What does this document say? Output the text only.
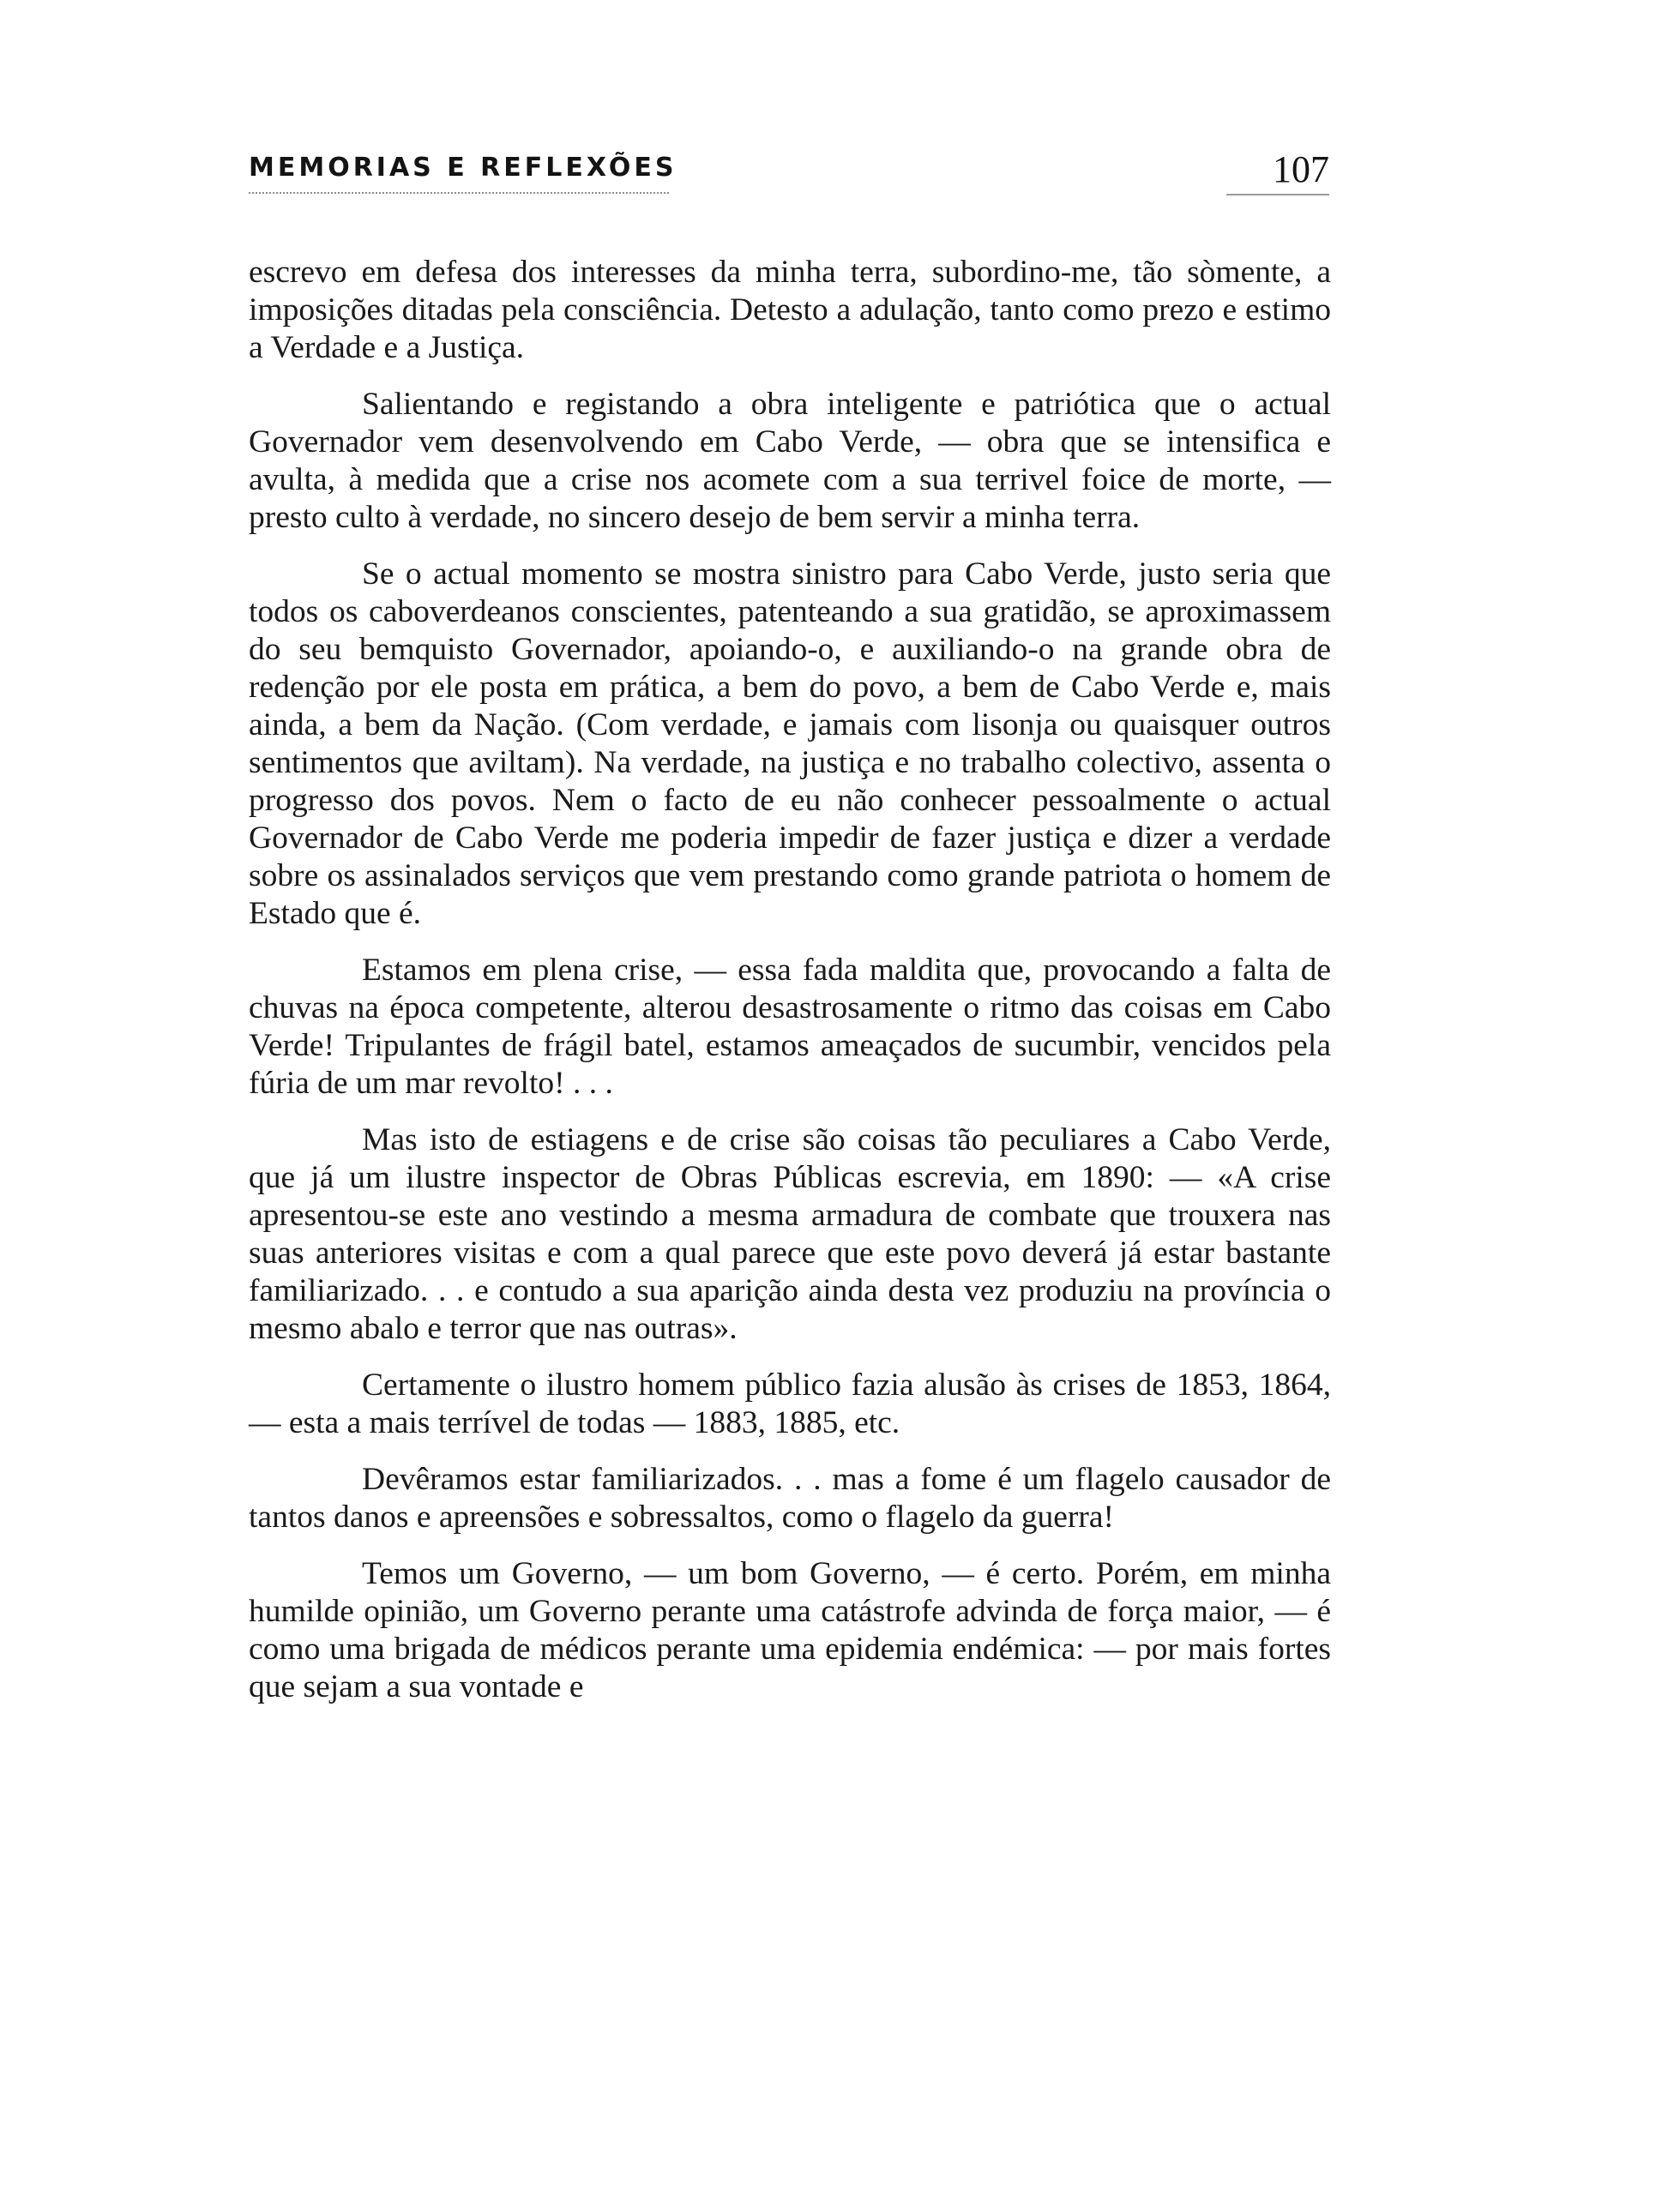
MEMORIAS E REFLEXÕES	107

escrevo em defesa dos interesses da minha terra, subordino-me, tão sòmente, a imposições ditadas pela consciência. Detesto a adulação, tanto como prezo e estimo a Verdade e a Justiça.

Salientando e registando a obra inteligente e patriótica que o actual Governador vem desenvolvendo em Cabo Verde, — obra que se intensifica e avulta, à medida que a crise nos acomete com a sua terrivel foice de morte, — presto culto à verdade, no sincero desejo de bem servir a minha terra.

Se o actual momento se mostra sinistro para Cabo Verde, justo seria que todos os caboverdeanos conscientes, patenteando a sua gratidão, se aproximassem do seu bemquisto Governador, apoiando-o, e auxiliando-o na grande obra de redenção por ele posta em prática, a bem do povo, a bem de Cabo Verde e, mais ainda, a bem da Nação. (Com verdade, e jamais com lisonja ou quaisquer outros sentimentos que aviltam). Na verdade, na justiça e no trabalho colectivo, assenta o progresso dos povos. Nem o facto de eu não conhecer pessoalmente o actual Governador de Cabo Verde me poderia impedir de fazer justiça e dizer a verdade sobre os assinalados serviços que vem prestando como grande patriota o homem de Estado que é.

Estamos em plena crise, — essa fada maldita que, provocando a falta de chuvas na época competente, alterou desastrosamente o ritmo das coisas em Cabo Verde! Tripulantes de frágil batel, estamos ameaçados de sucumbir, vencidos pela fúria de um mar revolto! . . .

Mas isto de estiagens e de crise são coisas tão peculiares a Cabo Verde, que já um ilustre inspector de Obras Públicas escrevia, em 1890: — «A crise apresentou-se este ano vestindo a mesma armadura de combate que trouxera nas suas anteriores visitas e com a qual parece que este povo deverá já estar bastante familiarizado. . . e contudo a sua aparição ainda desta vez produziu na província o mesmo abalo e terror que nas outras».

Certamente o ilustro homem público fazia alusão às crises de 1853, 1864, — esta a mais terrível de todas — 1883, 1885, etc.

Devêramos estar familiarizados. . . mas a fome é um flagelo causador de tantos danos e apreensões e sobressaltos, como o flagelo da guerra!

Temos um Governo, — um bom Governo, — é certo. Porém, em minha humilde opinião, um Governo perante uma catástrofe advinda de força maior, — é como uma brigada de médicos perante uma epidemia endémica: — por mais fortes que sejam a sua vontade e
